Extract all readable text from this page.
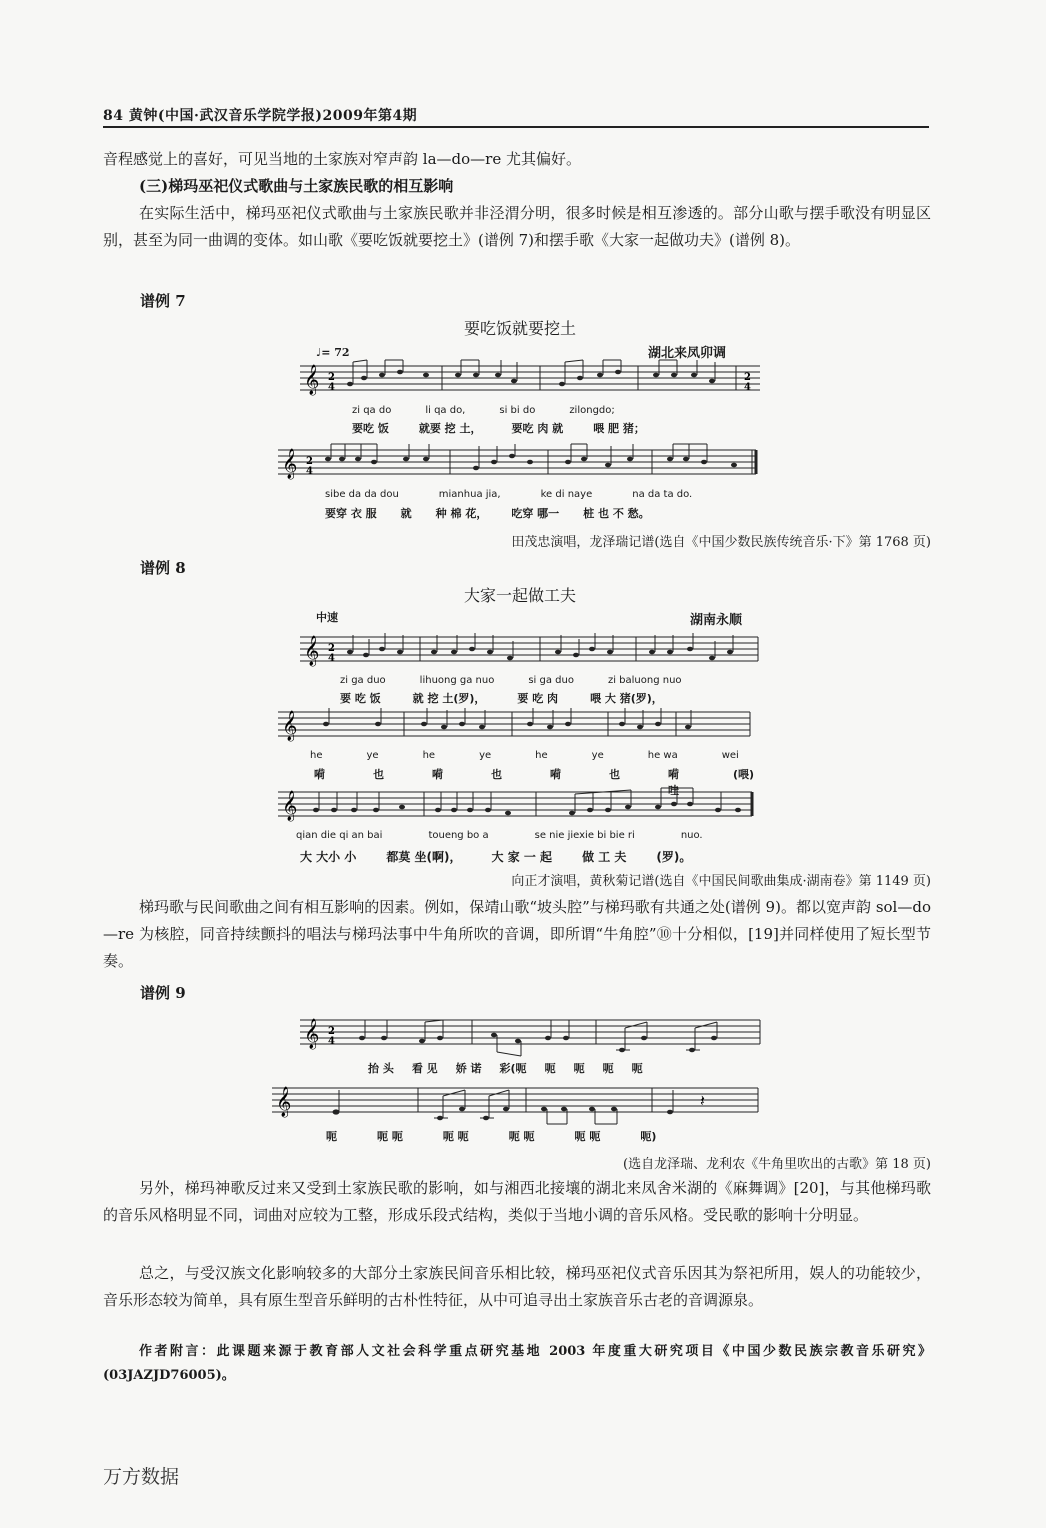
84 黄钟(中国·武汉音乐学院学报)2009年第4期
音程感觉上的喜好，可见当地的土家族对窄声韵 la—do—re 尤其偏好。
(三)梯玛巫祀仪式歌曲与土家族民歌的相互影响
在实际生活中，梯玛巫祀仪式歌曲与土家族民歌并非泾渭分明，很多时候是相互渗透的。部分山歌与摆手歌没有明显区别，甚至为同一曲调的变体。如山歌《要吃饭就要挖土》(谱例 7)和摆手歌《大家一起做功夫》(谱例 8)。
谱例 7
要吃饭就要挖土
湖北来凤卯调
♩= 72
𝄞 2
4
2
4
zi qa do	li qa do,	si bi do	zilongdo;
要吃 饭	就要 挖 土，	要吃 肉 就	喂 肥 猪；
𝄞 2
4
sibe da da dou	mianhua jia,	ke di naye	na da ta do.
要穿 衣 服 就 种 棉 花， 吃穿 哪一 桩 也 不 愁。
田茂忠演唱，龙泽瑞记谱(选自《中国少数民族传统音乐·下》第 1768 页)
谱例 8
大家一起做工夫
中速	湖南永顺
𝄞 2
4
zi ga duo	lihuong ga nuo	si ga duo	zi baluong nuo
要 吃 饭	就 挖 土(罗)，	要 吃 肉	喂 大 猪(罗)，
𝄞
he	ye	he	ye	he	ye	he wa	wei
嗬	也	嗬	也	嗬	也	嗬 哇
(喂)
𝄞
qian die qi an bai	toueng bo a	se nie jiexie bi bie ri	nuo.
大 大小 小	都莫 坐(啊)，	大 家 一 起	做 工 夫	(罗)。
向正才演唱，黄秋菊记谱(选自《中国民间歌曲集成·湖南卷》第 1149 页)
梯玛歌与民间歌曲之间有相互影响的因素。例如，保靖山歌“坡头腔”与梯玛歌有共通之处(谱例 9)。都以宽声韵 sol—do—re 为核腔，同音持续颤抖的唱法与梯玛法事中牛角所吹的音调，即所谓“牛角腔”⑩十分相似，[19]并同样使用了短长型节奏。
谱例 9
𝄞 2
4
抬 头 看 见 娇 诺 彩(呃 呃 呃 呃 呃
𝄞	𝄽
呃	呃 呃	呃 呃	呃 呃	呃 呃	呃)
(选自龙泽瑞、龙利农《牛角里吹出的古歌》第 18 页)
另外，梯玛神歌反过来又受到土家族民歌的影响，如与湘西北接壤的湖北来凤舍米湖的《麻舞调》[20]，与其他梯玛歌的音乐风格明显不同，词曲对应较为工整，形成乐段式结构，类似于当地小调的音乐风格。受民歌的影响十分明显。
总之，与受汉族文化影响较多的大部分土家族民间音乐相比较，梯玛巫祀仪式音乐因其为祭祀所用，娱人的功能较少，音乐形态较为简单，具有原生型音乐鲜明的古朴性特征，从中可追寻出土家族音乐古老的音调源泉。
作者附言：此课题来源于教育部人文社会科学重点研究基地 2003 年度重大研究项目《中国少数民族宗教音乐研究》(03JAZJD76005)。
万方数据
